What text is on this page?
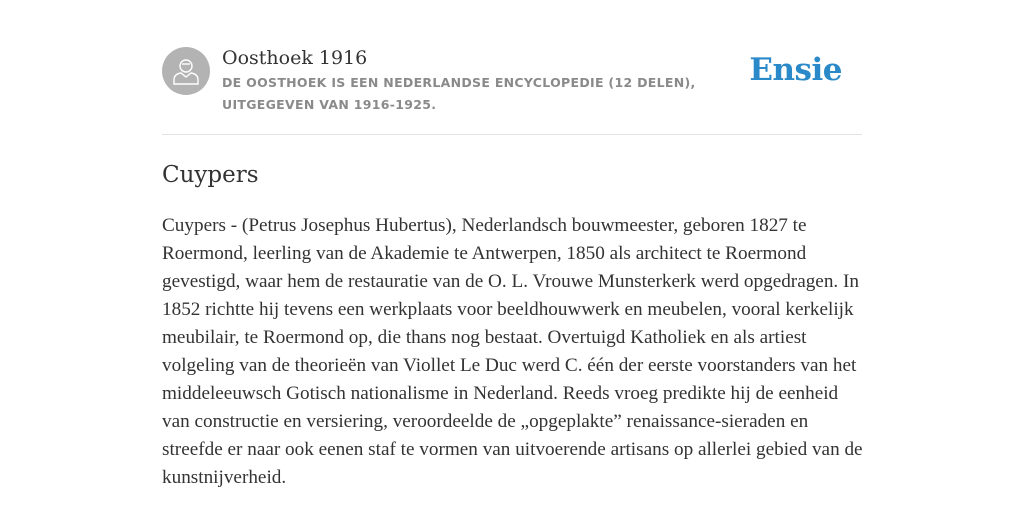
Oosthoek 1916
DE OOSTHOEK IS EEN NEDERLANDSE ENCYCLOPEDIE (12 DELEN), UITGEGEVEN VAN 1916-1925.
Ensie
Cuypers

Cuypers - (Petrus Josephus Hubertus), Nederlandsch bouwmeester, geboren 1827 te Roermond, leerling van de Akademie te Antwerpen, 1850 als architect te Roermond gevestigd, waar hem de restauratie van de O. L. Vrouwe Munsterkerk werd opgedragen. In 1852 richtte hij tevens een werkplaats voor beeldhouwwerk en meubelen, vooral kerkelijk meubilair, te Roermond op, die thans nog bestaat. Overtuigd Katholiek en als artiest volgeling van de theorieën van Viollet Le Duc werd C. één der eerste voorstanders van het middeleeuwsch Gotisch nationalisme in Nederland. Reeds vroeg predikte hij de eenheid van constructie en versiering, veroordeelde de „opgeplakte” renaissance-sieraden en streefde er naar ook eenen staf te vormen van uitvoerende artisans op allerlei gebied van de kunstnijverheid.
